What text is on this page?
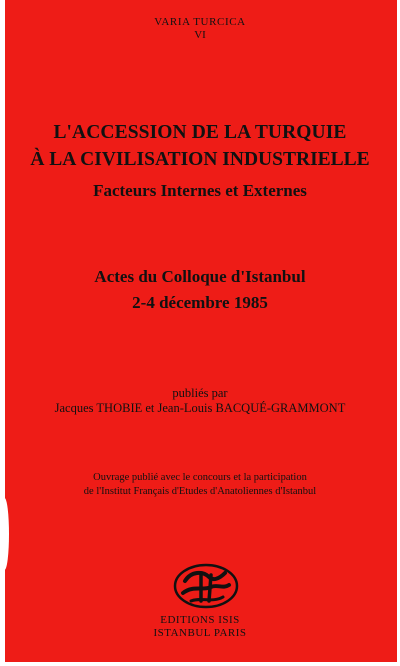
VARIA TURCICA
VI
L'ACCESSION DE LA TURQUIE
À LA CIVILISATION INDUSTRIELLE
Facteurs Internes et Externes
Actes du Colloque d'Istanbul
2-4 décembre 1985
publiés par
Jacques THOBIE et Jean-Louis BACQUÉ-GRAMMONT
Ouvrage publié avec le concours et la participation
de l'Institut Français d'Etudes d'Anatoliennes d'Istanbul
EDITIONS ISIS
ISTANBUL PARIS
